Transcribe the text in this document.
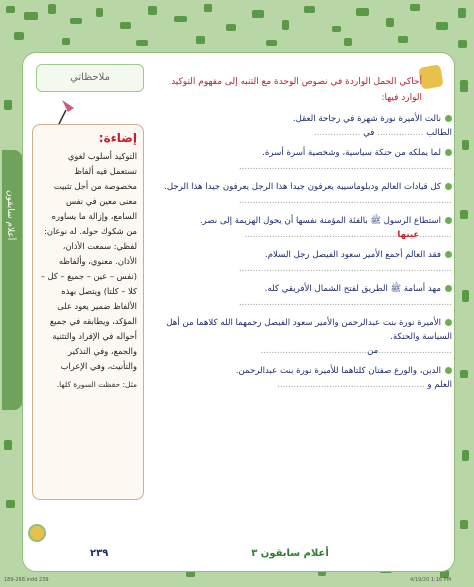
أعلام سابقون
ملاحظاتي
إضاءة:
التوكيد أسلوب لغوي تستعمل فيه ألفاظ مخصوصة من أجل تثبيت معنى معين في نفس السامع، وإزالة ما يساوره من شكوك حوله. له نوعان: لفظي: سمعت الأذان، الأذان. معنوي، وألفاظه (نفس – عين – جميع – كل – كلا – كلتا) ويتصل بهذه الألفاظ ضمير يعود على المؤكد، ويطابقه في جميع أحواله في الإفراد والتثنية والجمع، وفي التذكير والتأنيث، وفي الإعراب
مثل: حفظت السورة كلها.
أحاكي الجمل الواردة في نصوص الوحدة مع التنبه إلى مفهوم التوكيد الوارد فيها:
نالت الأميرة نورة شهرة في رجاحة العقل.
الطالب ................. في .................
لما يملكه من حنكة سياسية، وشخصية أسرة أسرة.
..............................................................................
كل قيادات العالم ودبلوماسييه يعرفون جيدا هذا الرجل يعرفون جيدا هذا الرجل.
..............................................................................
استطاع الرسول ﷺ بالفئة المؤمنة نفسها أن يحول الهزيمة إلى نصر.
............عينها........................................................
فقد العالم أجمع الأمير سعود الفيصل رجل السلام.
..............................................................................
مهد أسامة ﷺ الطريق لفتح الشمال الأفريقي كله.
..............................................................................
الأميرة نورة بنت عبدالرحمن والأمير سعود الفيصل رحمهما الله كلاهما من أهل السياسة والحنكة.
...........................من.......................................
الدين، والورع صفتان كلتاهما للأميرة نورة بنت عبدالرحمن.
العلم و ......................................................
٢٣٩	أعلام سابقون ٣
189-268.indd 239	4/19/20 1:16 PM
